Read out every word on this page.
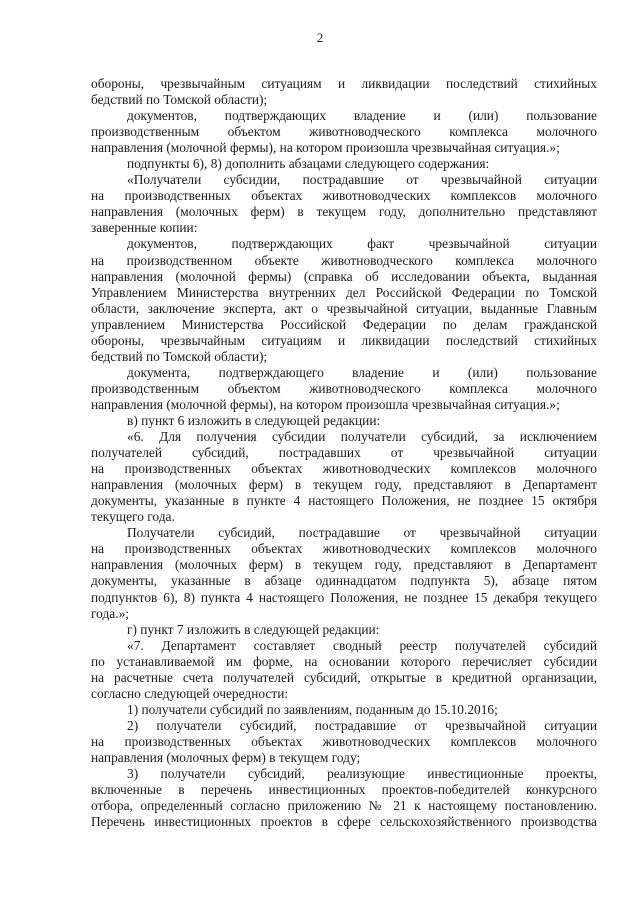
2
обороны, чрезвычайным ситуациям и ликвидации последствий стихийных
бедствий по Томской области);
документов, подтверждающих владение и (или) пользование
производственным объектом животноводческого комплекса молочного
направления (молочной фермы), на котором произошла чрезвычайная ситуация.»;
подпункты 6), 8) дополнить абзацами следующего содержания:
«Получатели субсидии, пострадавшие от чрезвычайной ситуации
на производственных объектах животноводческих комплексов молочного
направления (молочных ферм) в текущем году, дополнительно представляют
заверенные копии:
документов, подтверждающих факт чрезвычайной ситуации
на производственном объекте животноводческого комплекса молочного
направления (молочной фермы) (справка об исследовании объекта, выданная
Управлением Министерства внутренних дел Российской Федерации по Томской
области, заключение эксперта, акт о чрезвычайной ситуации, выданные Главным
управлением Министерства Российской Федерации по делам гражданской
обороны, чрезвычайным ситуациям и ликвидации последствий стихийных
бедствий по Томской области);
документа, подтверждающего владение и (или) пользование
производственным объектом животноводческого комплекса молочного
направления (молочной фермы), на котором произошла чрезвычайная ситуация.»;
в) пункт 6 изложить в следующей редакции:
«6. Для получения субсидии получатели субсидий, за исключением
получателей субсидий, пострадавших от чрезвычайной ситуации
на производственных объектах животноводческих комплексов молочного
направления (молочных ферм) в текущем году, представляют в Департамент
документы, указанные в пункте 4 настоящего Положения, не позднее 15 октября
текущего года.
Получатели субсидий, пострадавшие от чрезвычайной ситуации
на производственных объектах животноводческих комплексов молочного
направления (молочных ферм) в текущем году, представляют в Департамент
документы, указанные в абзаце одиннадцатом подпункта 5), абзаце пятом
подпунктов 6), 8) пункта 4 настоящего Положения, не позднее 15 декабря текущего
года.»;
г) пункт 7 изложить в следующей редакции:
«7. Департамент составляет сводный реестр получателей субсидий
по устанавливаемой им форме, на основании которого перечисляет субсидии
на расчетные счета получателей субсидий, открытые в кредитной организации,
согласно следующей очередности:
1) получатели субсидий по заявлениям, поданным до 15.10.2016;
2) получатели субсидий, пострадавшие от чрезвычайной ситуации
на производственных объектах животноводческих комплексов молочного
направления (молочных ферм) в текущем году;
3) получатели субсидий, реализующие инвестиционные проекты,
включенные в перечень инвестиционных проектов-победителей конкурсного
отбора, определенный согласно приложению № 21 к настоящему постановлению.
Перечень инвестиционных проектов в сфере сельскохозяйственного производства
